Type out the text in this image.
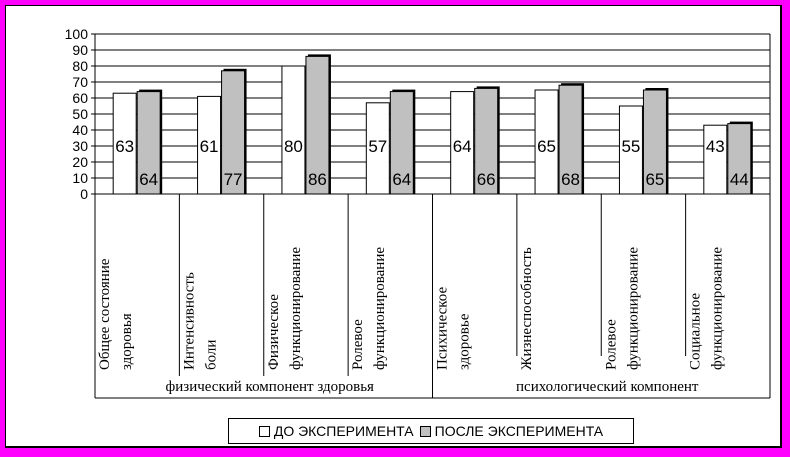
0
10
20
30
40
50
60
70
80
90
100
63	61	80	57	64	65	55	43
64	77	86	64	66	68	65	44
Общее состояние здоровья	Интенсивность боли	Физическое функционирование	Ролевое функционирование	Психическое здоровье	Жизнеспособность	Ролевое функционирование	Социальное функционирование
физический компонент здоровья	психологический компонент
ДО ЭКСПЕРИМЕНТА ПОСЛЕ ЭКСПЕРИМЕНТА
